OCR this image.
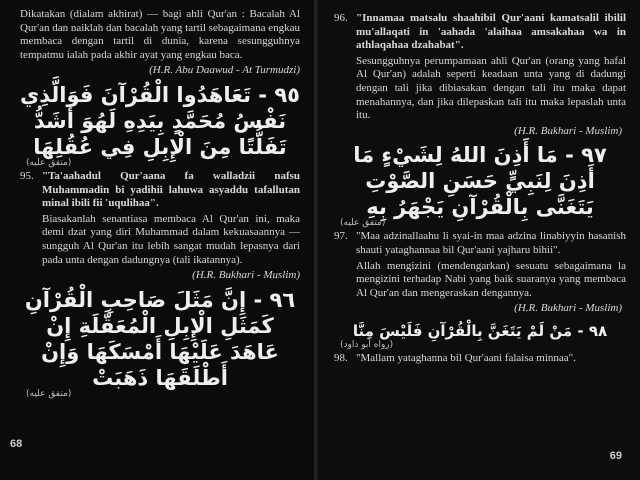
Dikatakan (dialam akhirat) — bagi ahli Qur'an : Bacalah Al Qur'an dan naiklah dan bacalah yang tartil sebagaimana engkau membaca dengan tartil di dunia, karena sesungguhnya tempatmu ialah pada akhir ayat yang engkau baca.

(H.R. Abu Daawud - At Turmudzi)
٩٥ - تَعَاهَدُوا الْقُرْآنَ فَوَالَّذِي نَفْسُ مُحَمَّدٍ بِيَدِهِ لَهُوَ أَشَدُّ تَفَلُّتًا مِنَ الْإِبِلِ فِي عُقُلِهَا
(متفق عليه)
95. "Ta'aahadul Qur'aana fa walladzii nafsu Muhammadin bi yadihii lahuwa asyaddu tafallutan minal ibili fii 'uqulihaa".
Biasakanlah senantiasa membaca Al Qur'an ini, maka demi dzat yang diri Muhammad dalam kekuasaannya — sungguh Al Qur'an itu lebih sangat mudah lepasnya dari pada unta dengan dadungnya (tali ikatannya).
(H.R. Bukhari - Muslim)
٩٦ - إِنَّ مَثَلَ صَاحِبِ الْقُرْآنِ كَمَثَلِ الْإِبِلِ الْمُعَقَّلَةِ إِنْ عَاهَدَ عَلَيْهَا أَمْسَكَهَا وَإِنْ أَطْلَقَهَا ذَهَبَتْ
(متفق عليه)
68
96. "Innamaa matsalu shaahibil Qur'aani kamatsalil ibilil mu'allaqati in 'aahada 'alaihaa amsakahaa wa in athlaqahaa dzahabat".
Sesungguhnya perumpamaan ahli Qur'an (orang yang hafal Al Qur'an) adalah seperti keadaan unta yang di dadungi dengan tali jika dibiasakan dengan tali itu maka dapat menahannya, dan jika dilepaskan tali itu maka lepaslah unta itu.
(H.R. Bukhari - Muslim)
٩٧ - مَا أَذِنَ اللهُ لِشَيْءٍ مَا أَذِنَ لِنَبِيٍّ حَسَنِ الصَّوْتِ يَتَغَنَّى بِالْقُرْآنِ يَجْهَرُ بِهِ
(متفق عليه)
97. "Maa adzinallaahu li syai-in maa adzina linabiyyin hasanish shauti yataghannaa bil Qur'aani yajharu bihii".
Allah mengizini (mendengarkan) sesuatu sebagaimana la mengizini terhadap Nabi yang baik suaranya yang membaca Al Qur'an dan mengeraskan dengannya.
(H.R. Bukhari - Muslim)
٩٨ - مَنْ لَمْ يَتَغَنَّ بِالْقُرْآنِ فَلَيْسَ مِنَّا
(رواه أبو داود)
98. "Mallam yataghanna bil Qur'aani falaisa minnaa".
69
